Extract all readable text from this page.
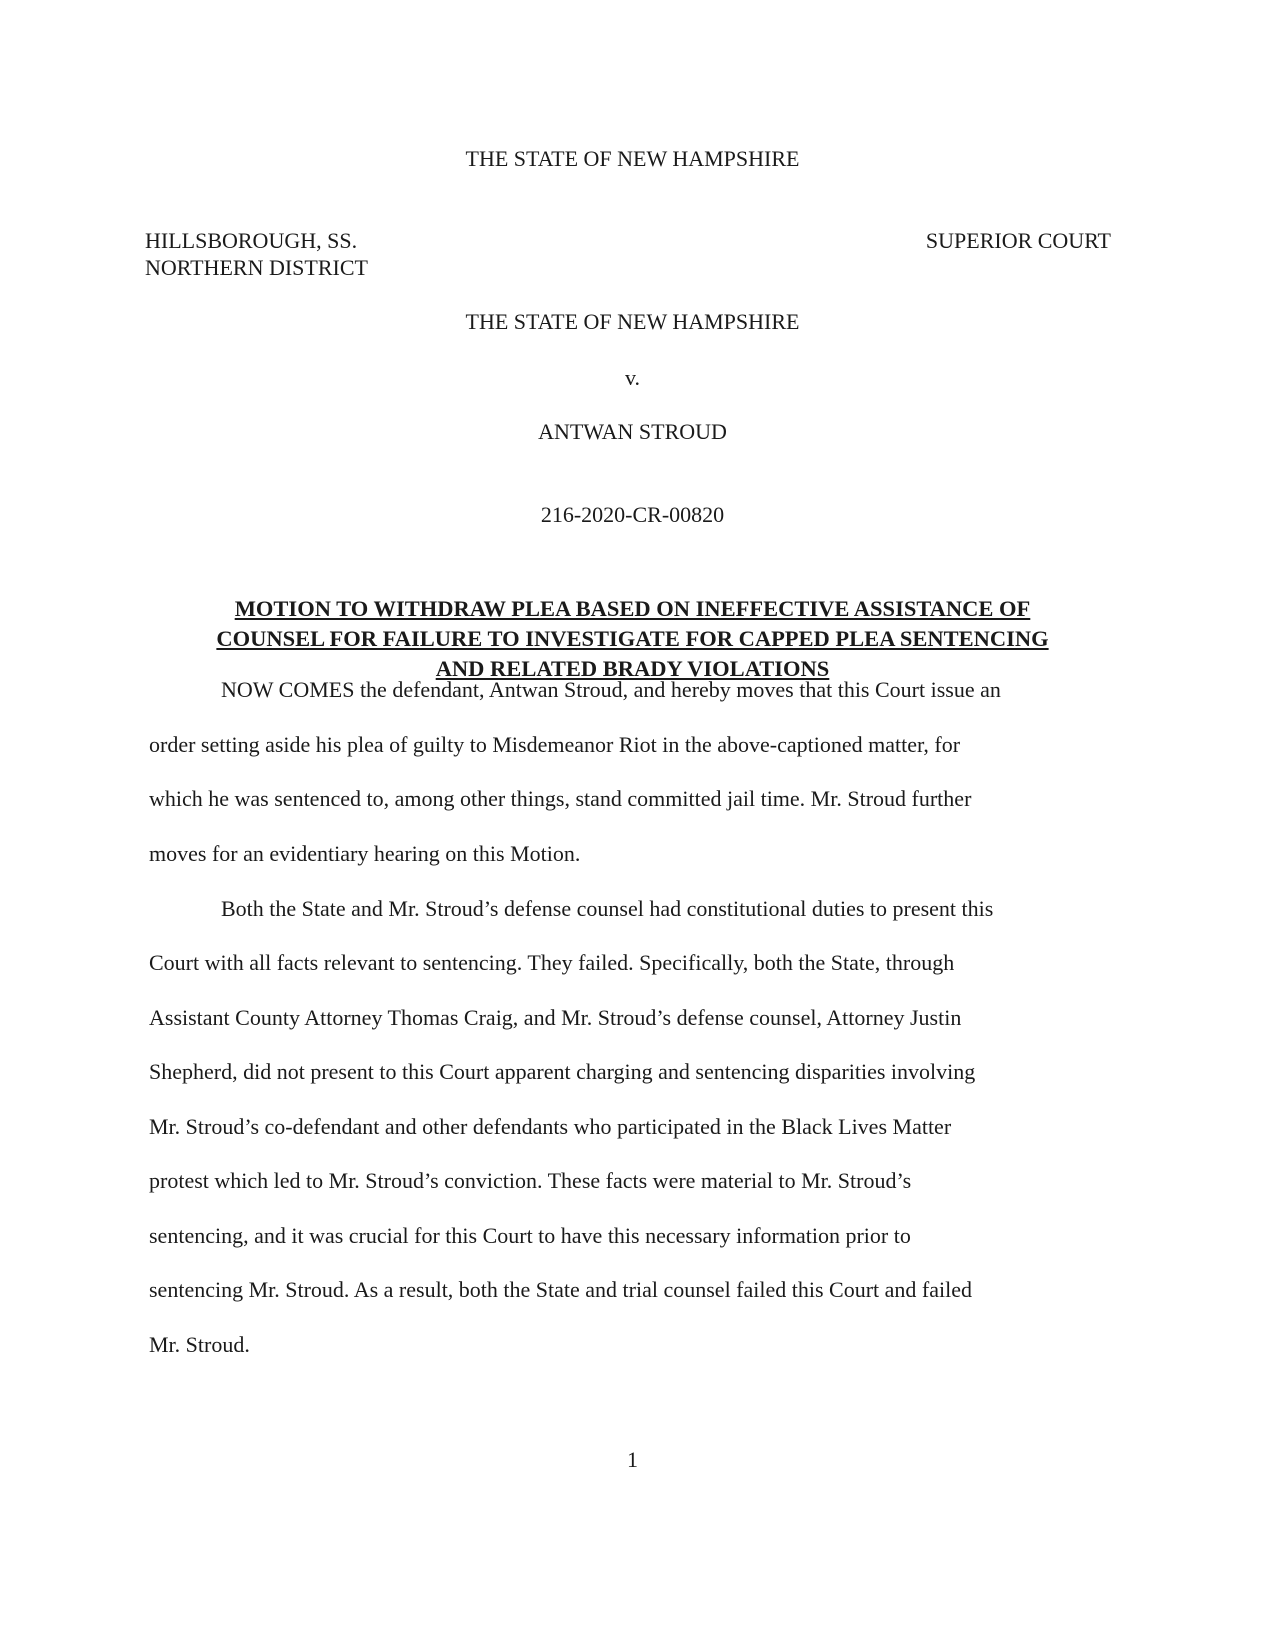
THE STATE OF NEW HAMPSHIRE
HILLSBOROUGH, SS.
NORTHERN DISTRICT
SUPERIOR COURT
THE STATE OF NEW HAMPSHIRE
v.
ANTWAN STROUD
216-2020-CR-00820
MOTION TO WITHDRAW PLEA BASED ON INEFFECTIVE ASSISTANCE OF
COUNSEL FOR FAILURE TO INVESTIGATE FOR CAPPED PLEA SENTENCING
AND RELATED BRADY VIOLATIONS
NOW COMES the defendant, Antwan Stroud, and hereby moves that this Court issue an
order setting aside his plea of guilty to Misdemeanor Riot in the above-captioned matter, for
which he was sentenced to, among other things, stand committed jail time. Mr. Stroud further
moves for an evidentiary hearing on this Motion.
Both the State and Mr. Stroud’s defense counsel had constitutional duties to present this
Court with all facts relevant to sentencing. They failed. Specifically, both the State, through
Assistant County Attorney Thomas Craig, and Mr. Stroud’s defense counsel, Attorney Justin
Shepherd, did not present to this Court apparent charging and sentencing disparities involving
Mr. Stroud’s co-defendant and other defendants who participated in the Black Lives Matter
protest which led to Mr. Stroud’s conviction. These facts were material to Mr. Stroud’s
sentencing, and it was crucial for this Court to have this necessary information prior to
sentencing Mr. Stroud. As a result, both the State and trial counsel failed this Court and failed
Mr. Stroud.
1
